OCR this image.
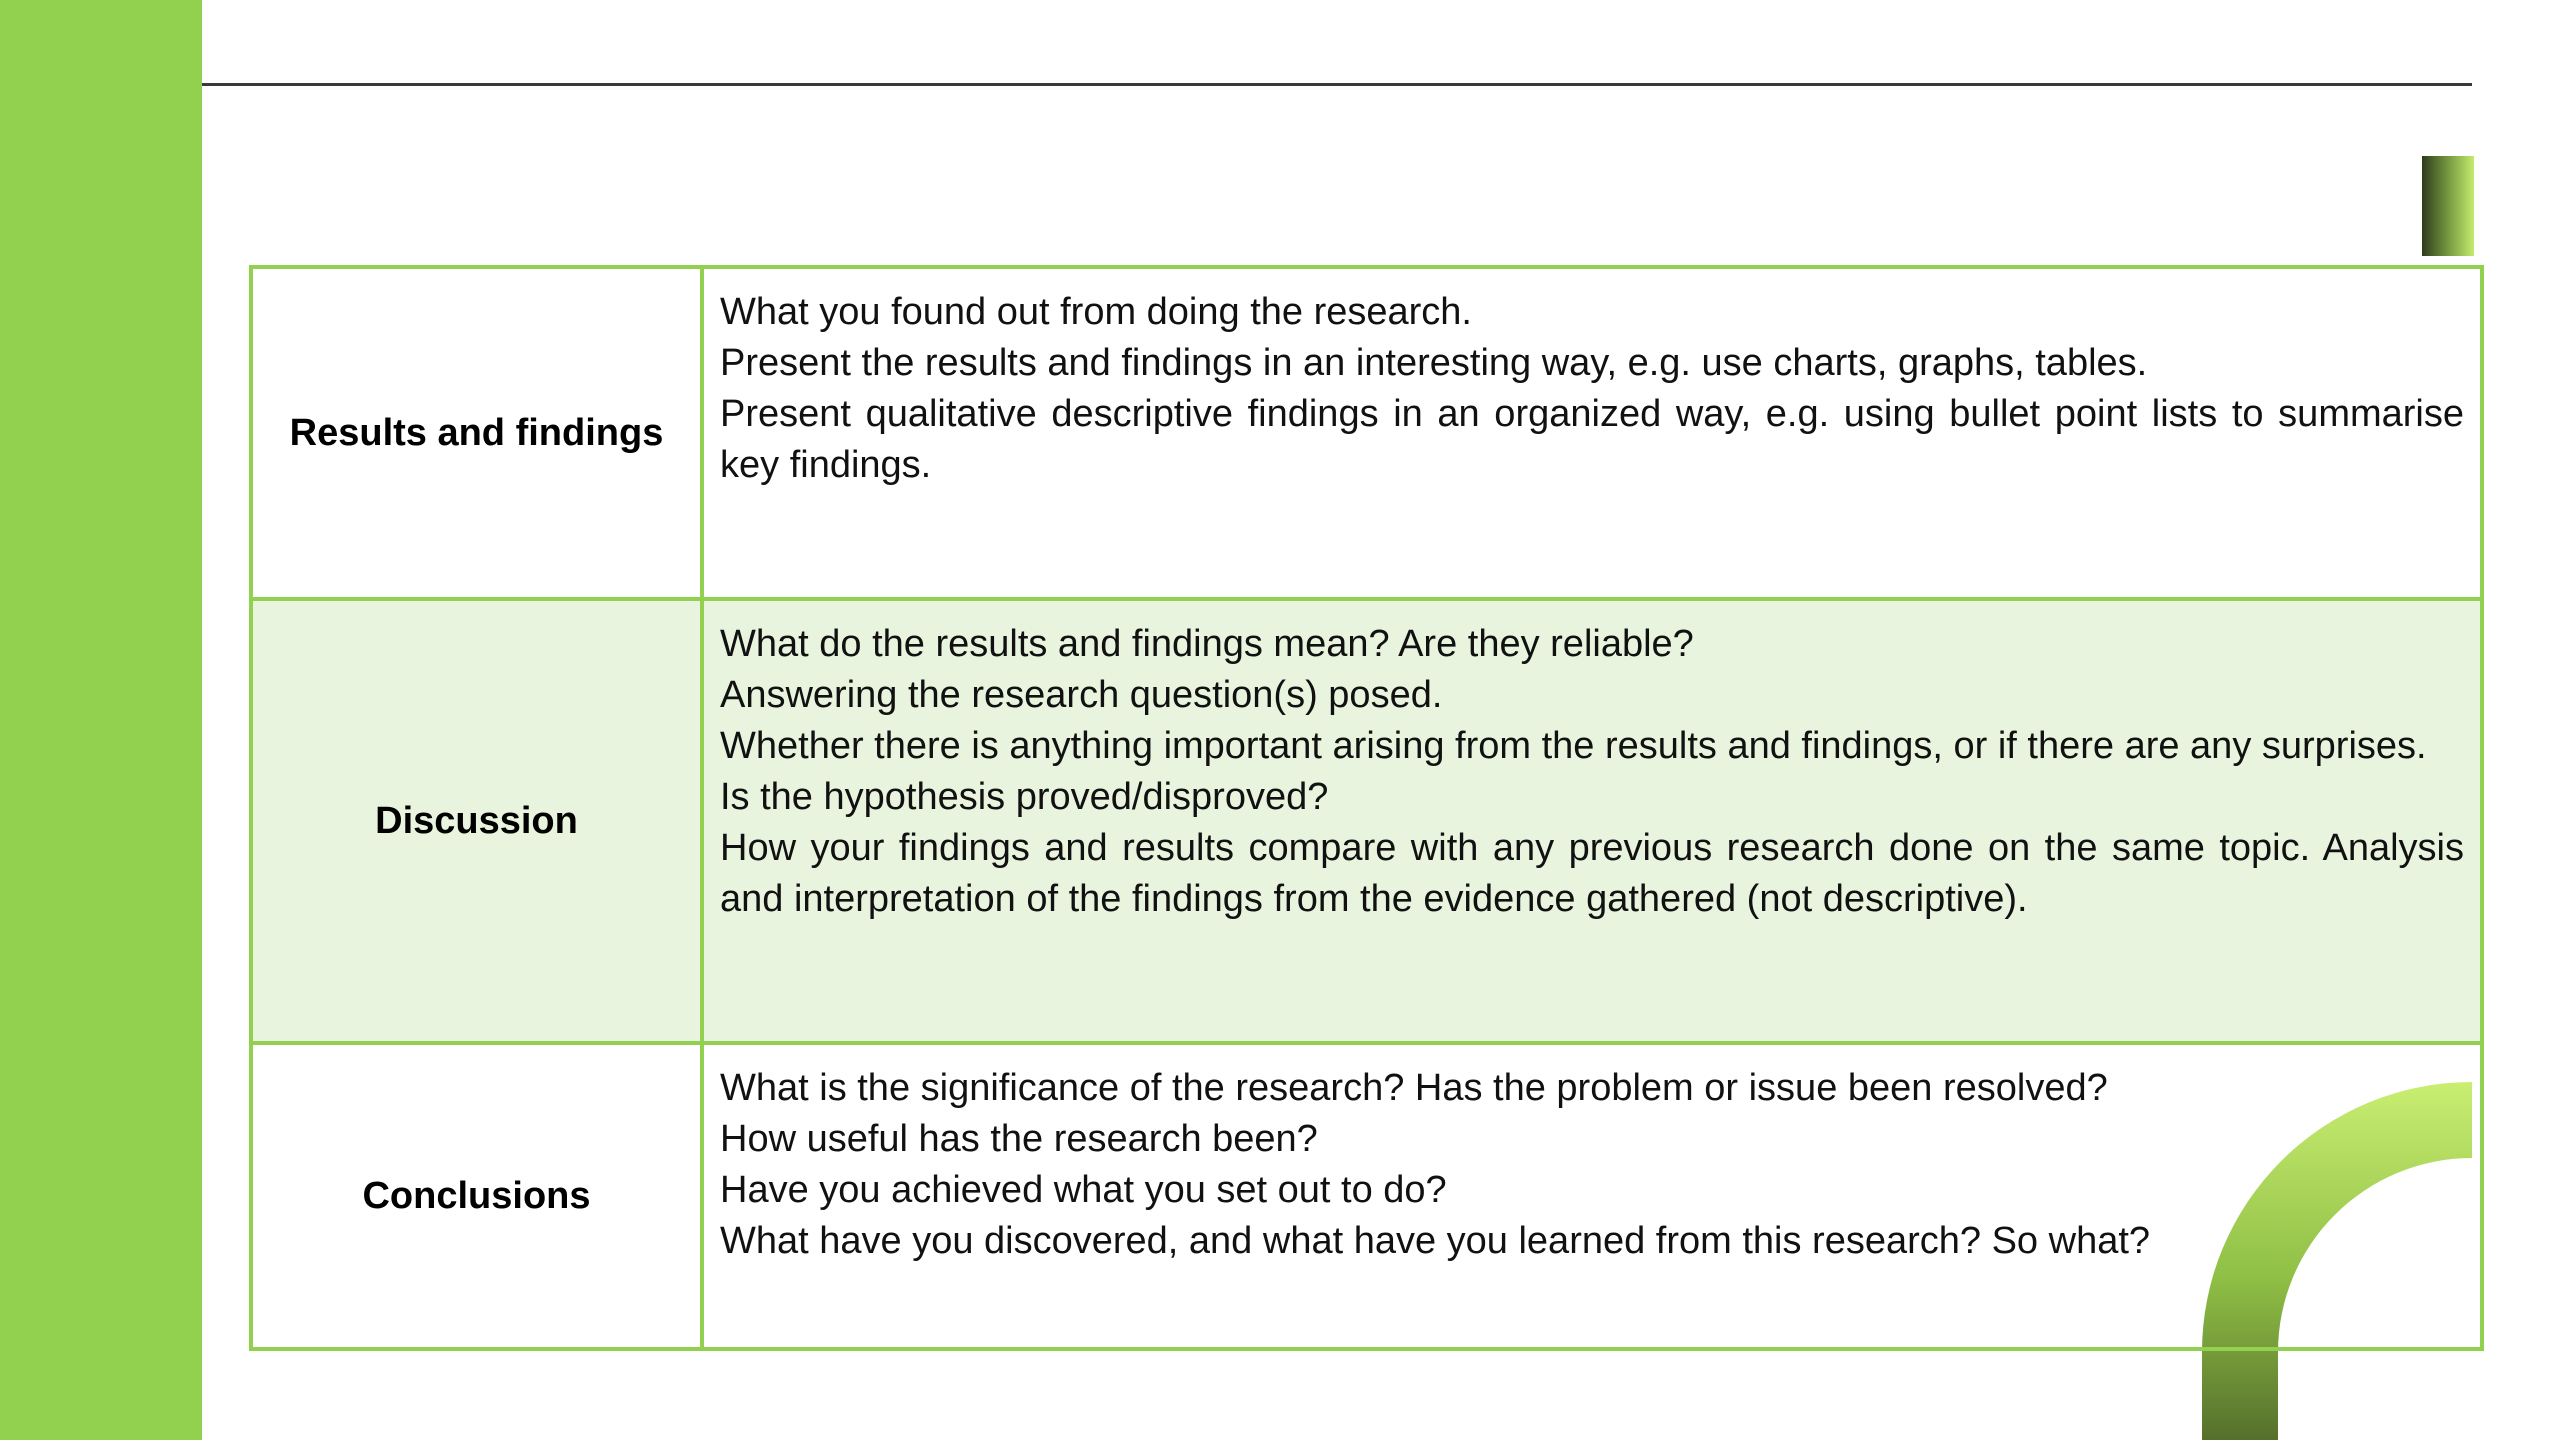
Results and findings	What you found out from doing the research.
Present the results and findings in an interesting way, e.g. use charts, graphs, tables.
Present qualitative descriptive findings in an organized way, e.g. using bullet point lists to summarise key findings.

Discussion	What do the results and findings mean? Are they reliable?
Answering the research question(s) posed.
Whether there is anything important arising from the results and findings, or if there are any surprises.
Is the hypothesis proved/disproved?
How your findings and results compare with any previous research done on the same topic. Analysis and interpretation of the findings from the evidence gathered (not descriptive).

Conclusions	What is the significance of the research? Has the problem or issue been resolved?
How useful has the research been?
Have you achieved what you set out to do?
What have you discovered, and what have you learned from this research? So what?
